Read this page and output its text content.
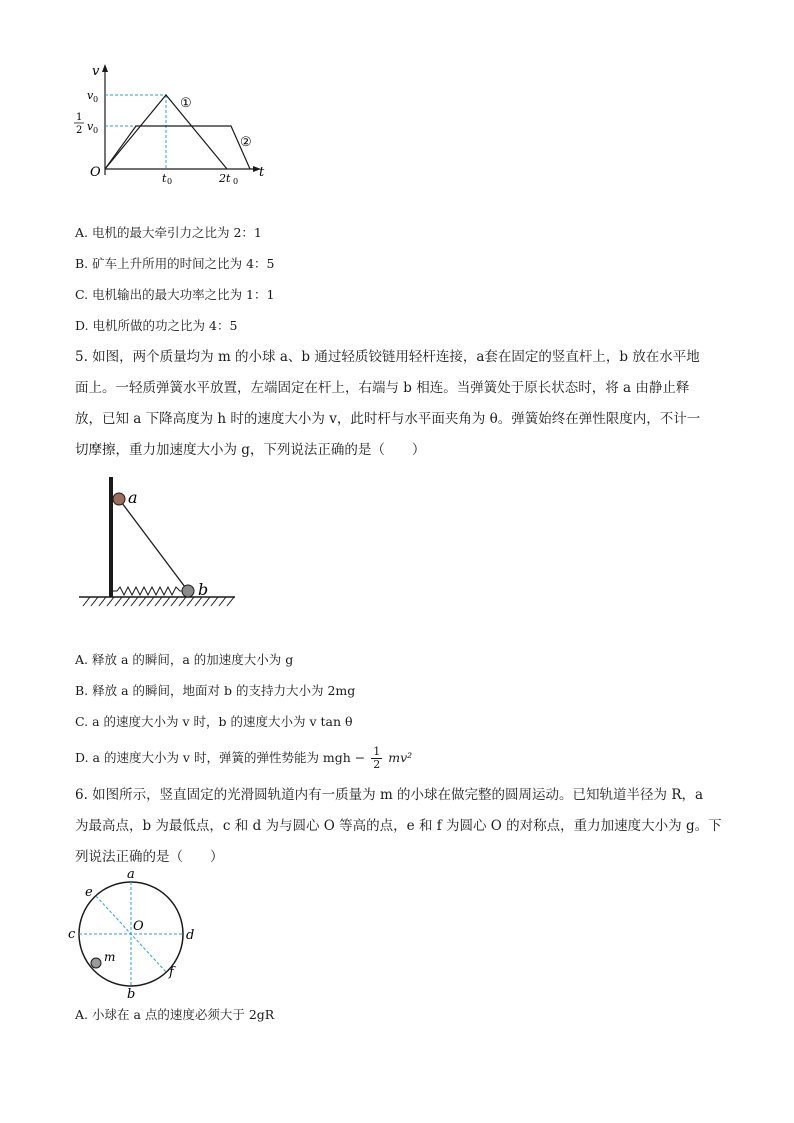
v
t
O
v 0
1
2 v 0
t 0	2t 0
①
②
A. 电机的最大牵引力之比为 2：1
B. 矿车上升所用的时间之比为 4：5
C. 电机输出的最大功率之比为 1：1
D. 电机所做的功之比为 4：5
5. 如图，两个质量均为 m 的小球 a、b 通过轻质铰链用轻杆连接，a套在固定的竖直杆上，b 放在水平地
面上。一轻质弹簧水平放置，左端固定在杆上，右端与 b 相连。当弹簧处于原长状态时，将 a 由静止释
放，已知 a 下降高度为 h 时的速度大小为 v，此时杆与水平面夹角为 θ。弹簧始终在弹性限度内，不计一
切摩擦，重力加速度大小为 g，下列说法正确的是（　　）
a
b
A. 释放 a 的瞬间，a 的加速度大小为 g
B. 释放 a 的瞬间，地面对 b 的支持力大小为 2mg
C. a 的速度大小为 v 时，b 的速度大小为 v tan θ
D. a 的速度大小为 v 时，弹簧的弹性势能为 mgh − $\frac{1}{2} mv^2$
6. 如图所示，竖直固定的光滑圆轨道内有一质量为 m 的小球在做完整的圆周运动。已知轨道半径为 R，a
为最高点，b 为最低点，c 和 d 为与圆心 O 等高的点，e 和 f 为圆心 O 的对称点，重力加速度大小为 g。下
列说法正确的是（　　）
a
b
c	d
e
f
O
m
A. 小球在 a 点的速度必须大于 2gR
